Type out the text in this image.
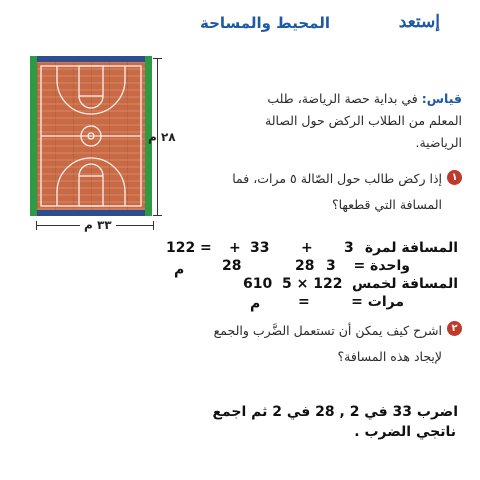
إستعد
المحيط والمساحة
٢٨ م
٣٣ م
قياس: في بداية حصة الرياضة، طلب المعلم من الطلاب الركض حول الصالة الرياضية.
١
إذا ركض طالب حول الصّالة ٥ مرات، فما المسافة التي قطعها؟
المسافة لمرة
واحدة =
3
+
33
+
=
122
3
28
28
م
المسافة لخمس
مرات =
5 × 122
610
=
م
٢
اشرح كيف يمكن أن تستعمل الضَّرب والجمع لإيجاد هذه المسافة؟
اضرب 33 في 2 , 28 في 2 ثم اجمع
ناتجي الضرب .
